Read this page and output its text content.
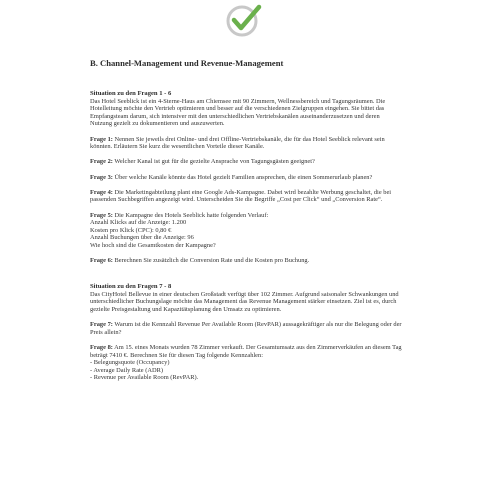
B. Channel-Management und Revenue-Management
Situation zu den Fragen 1 - 6

Das Hotel Seeblick ist ein 4-Sterne-Haus am Chiemsee mit 90 Zimmern, Wellnessbereich und Tagungsräumen. Die Hotelleitung möchte den Vertrieb optimieren und besser auf die verschiedenen Zielgruppen eingehen. Sie bittet das Empfangsteam darum, sich intensiver mit den unterschiedlichen Vertriebskanälen auseinanderzusetzen und deren Nutzung gezielt zu dokumentieren und auszuwerten.

Frage 1: Nennen Sie jeweils drei Online- und drei Offline-Vertriebskanäle, die für das Hotel Seeblick relevant sein könnten. Erläutern Sie kurz die wesentlichen Vorteile dieser Kanäle.

Frage 2: Welcher Kanal ist gut für die gezielte Ansprache von Tagungsgästen geeignet?

Frage 3: Über welche Kanäle könnte das Hotel gezielt Familien ansprechen, die einen Sommerurlaub planen?

Frage 4: Die Marketingabteilung plant eine Google Ads-Kampagne. Dabei wird bezahlte Werbung geschaltet, die bei passenden Suchbegriffen angezeigt wird. Unterscheiden Sie die Begriffe „Cost per Click“ und „Conversion Rate“.

Frage 5: Die Kampagne des Hotels Seeblick hatte folgenden Verlauf:

Anzahl Klicks auf die Anzeige: 1.200

Kosten pro Klick (CPC): 0,80 €

Anzahl Buchungen über die Anzeige: 96

Wie hoch sind die Gesamtkosten der Kampagne?

Frage 6: Berechnen Sie zusätzlich die Conversion Rate und die Kosten pro Buchung.

Situation zu den Fragen 7 - 8

Das CityHotel Bellevue in einer deutschen Großstadt verfügt über 102 Zimmer. Aufgrund saisonaler Schwankungen und unterschiedlicher Buchungslage möchte das Management das Revenue Management stärker einsetzen. Ziel ist es, durch gezielte Preisgestaltung und Kapazitätsplanung den Umsatz zu optimieren.

Frage 7: Warum ist die Kennzahl Revenue Per Available Room (RevPAR) aussagekräftiger als nur die Belegung oder der Preis allein?

Frage 8: Am 15. eines Monats wurden 78 Zimmer verkauft. Der Gesamtumsatz aus den Zimmerverkäufen an diesem Tag beträgt 7410 €. Berechnen Sie für diesen Tag folgende Kennzahlen:

- Belegungsquote (Occupancy)
- Average Daily Rate (ADR)
- Revenue per Available Room (RevPAR).
